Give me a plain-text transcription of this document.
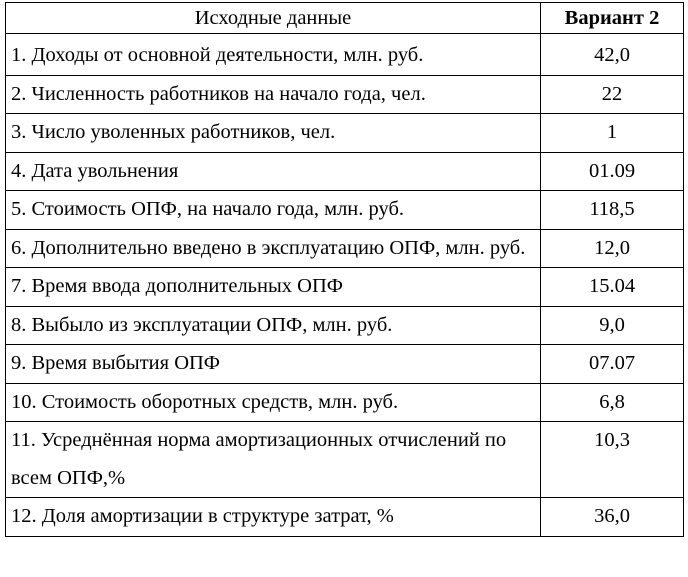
Исходные данные	Вариант 2
1. Доходы от основной деятельности, млн. руб.	42,0
2. Численность работников на начало года, чел.	22
3. Число уволенных работников, чел.	1
4. Дата увольнения	01.09
5. Стоимость ОПФ, на начало года, млн. руб.	118,5
6. Дополнительно введено в эксплуатацию ОПФ, млн. руб.	12,0
7. Время ввода дополнительных ОПФ	15.04
8. Выбыло из эксплуатации ОПФ, млн. руб.	9,0
9. Время выбытия ОПФ	07.07
10. Стоимость оборотных средств, млн. руб.	6,8
11. Усреднённая норма амортизационных отчислений по всем ОПФ,%	10,3
12. Доля амортизации в структуре затрат, %	36,0
